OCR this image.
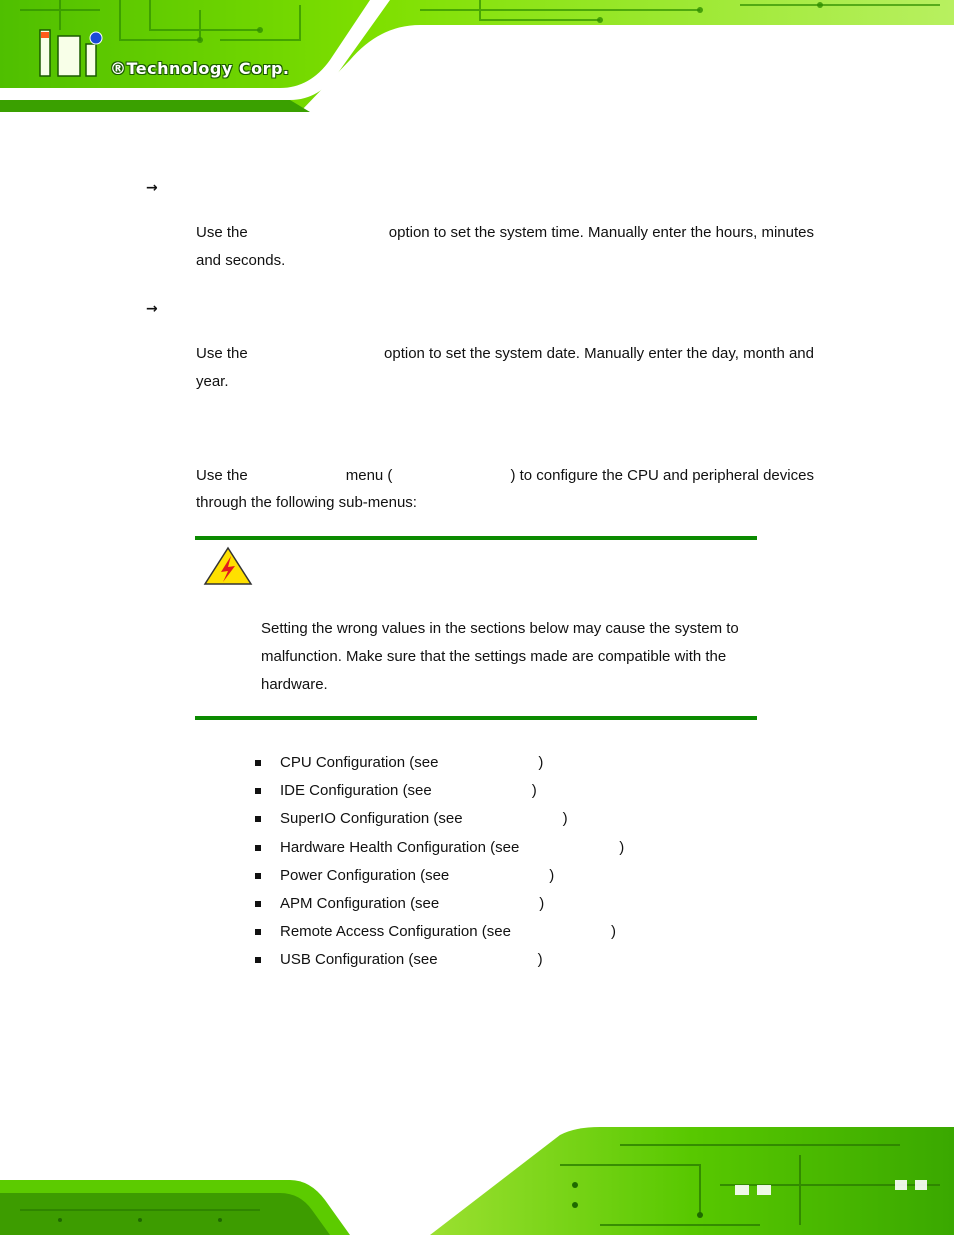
®Technology Corp.
→
Use the	option to set the system time. Manually enter the hours, minutes
and seconds.
→
Use the	option to set the system date. Manually enter the day, month and
year.
Use the	menu (	) to configure the CPU and peripheral devices
through the following sub-menus:
Setting the wrong values in the sections below may cause the system to malfunction. Make sure that the settings made are compatible with the hardware.
CPU Configuration (see	)
IDE Configuration (see	)
SuperIO Configuration (see	)
Hardware Health Configuration (see	)
Power Configuration (see	)
APM Configuration (see	)
Remote Access Configuration (see	)
USB Configuration (see	)
